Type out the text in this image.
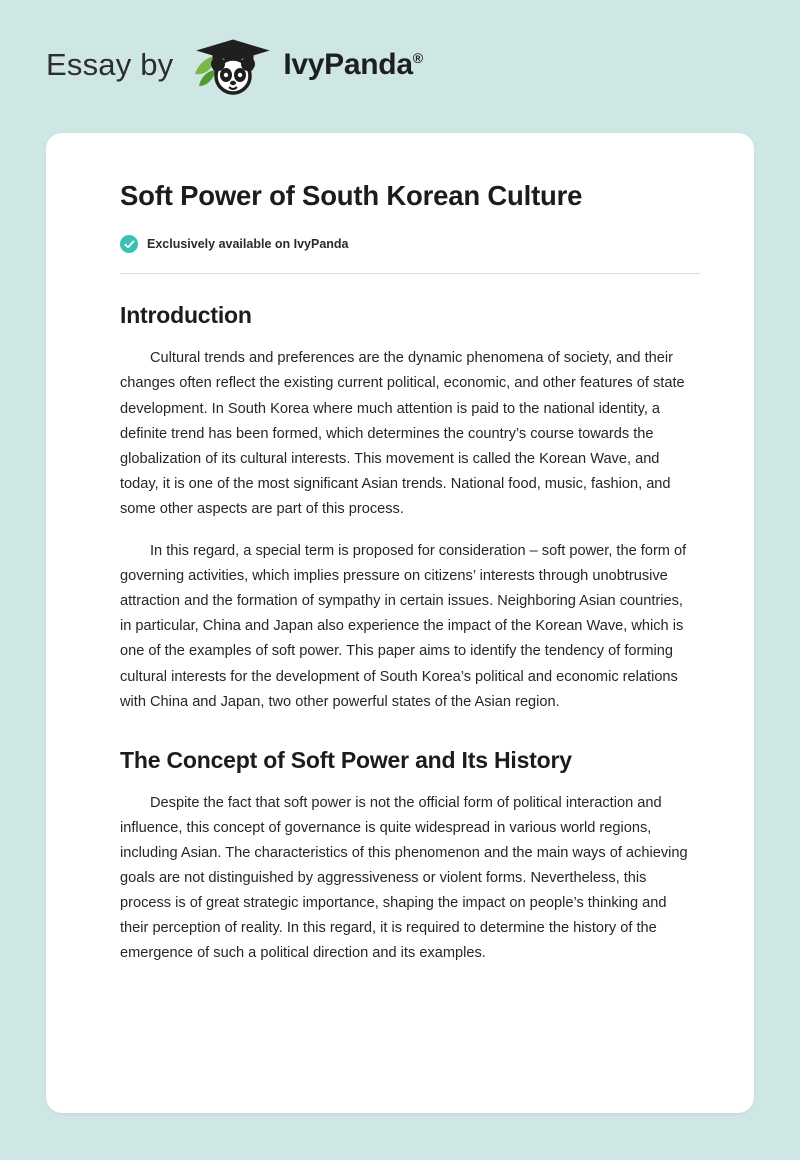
Essay by	IvyPanda®
Soft Power of South Korean Culture
Exclusively available on IvyPanda
Introduction

Cultural trends and preferences are the dynamic phenomena of society, and their changes often reflect the existing current political, economic, and other features of state development. In South Korea where much attention is paid to the national identity, a definite trend has been formed, which determines the country’s course towards the globalization of its cultural interests. This movement is called the Korean Wave, and today, it is one of the most significant Asian trends. National food, music, fashion, and some other aspects are part of this process.

In this regard, a special term is proposed for consideration – soft power, the form of governing activities, which implies pressure on citizens’ interests through unobtrusive attraction and the formation of sympathy in certain issues. Neighboring Asian countries, in particular, China and Japan also experience the impact of the Korean Wave, which is one of the examples of soft power. This paper aims to identify the tendency of forming cultural interests for the development of South Korea’s political and economic relations with China and Japan, two other powerful states of the Asian region.

The Concept of Soft Power and Its History

Despite the fact that soft power is not the official form of political interaction and influence, this concept of governance is quite widespread in various world regions, including Asian. The characteristics of this phenomenon and the main ways of achieving goals are not distinguished by aggressiveness or violent forms. Nevertheless, this process is of great strategic importance, shaping the impact on people’s thinking and their perception of reality. In this regard, it is required to determine the history of the emergence of such a political direction and its examples.
